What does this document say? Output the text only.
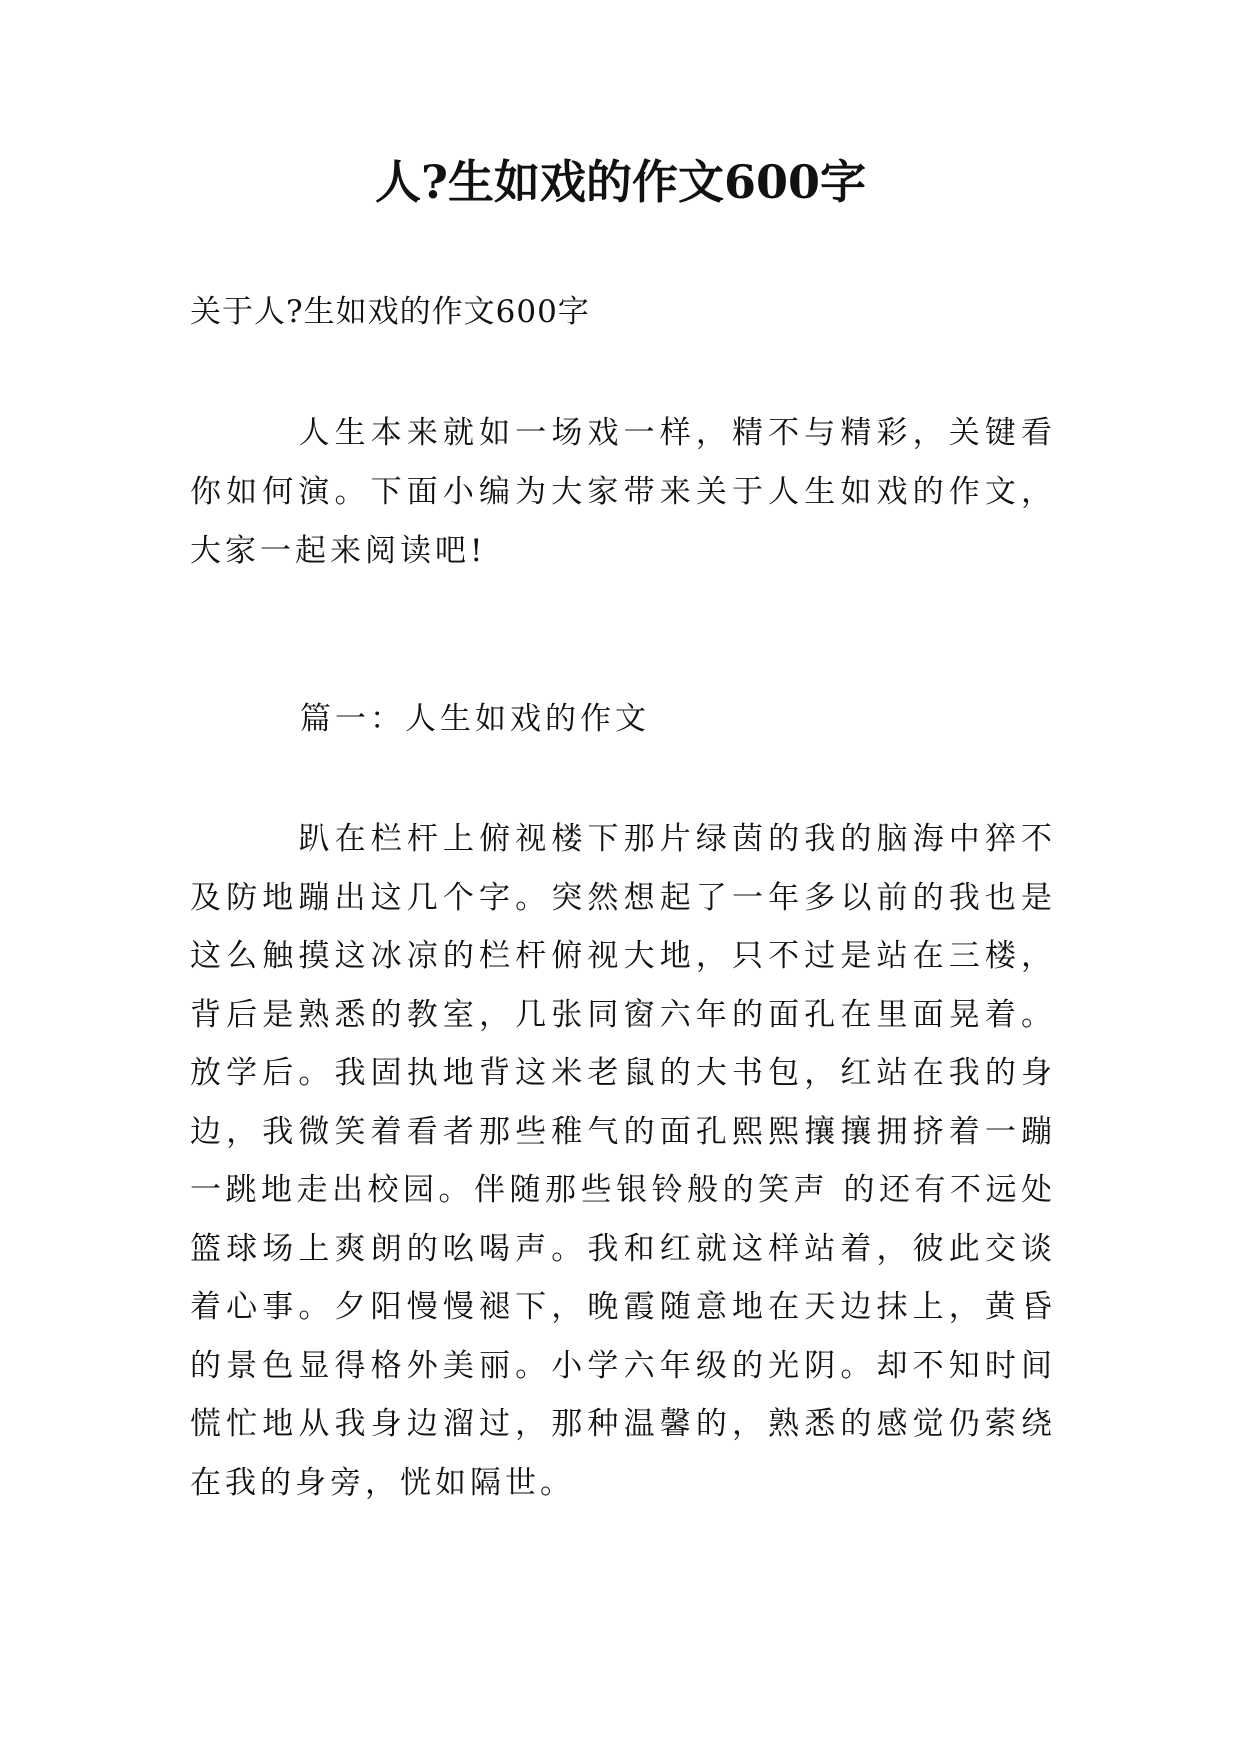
人?生如戏的作文600字

关于人?生如戏的作文600字

人生本来就如一场戏一样，精不与精彩，关键看你如何演。下面小编为大家带来关于人生如戏的作文，大家一起来阅读吧!

篇一：人生如戏的作文

趴在栏杆上俯视楼下那片绿茵的我的脑海中猝不及防地蹦出这几个字。突然想起了一年多以前的我也是这么触摸这冰凉的栏杆俯视大地，只不过是站在三楼，背后是熟悉的教室，几张同窗六年的面孔在里面晃着。放学后。我固执地背这米老鼠的大书包，红站在我的身边，我微笑着看者那些稚气的面孔熙熙攘攘拥挤着一蹦一跳地走出校园。伴随那些银铃般的笑声 的还有不远处篮球场上爽朗的吆喝声。我和红就这样站着，彼此交谈着心事。夕阳慢慢褪下，晚霞随意地在天边抹上，黄昏的景色显得格外美丽。小学六年级的光阴。却不知时间慌忙地从我身边溜过，那种温馨的，熟悉的感觉仍萦绕在我的身旁，恍如隔世。
